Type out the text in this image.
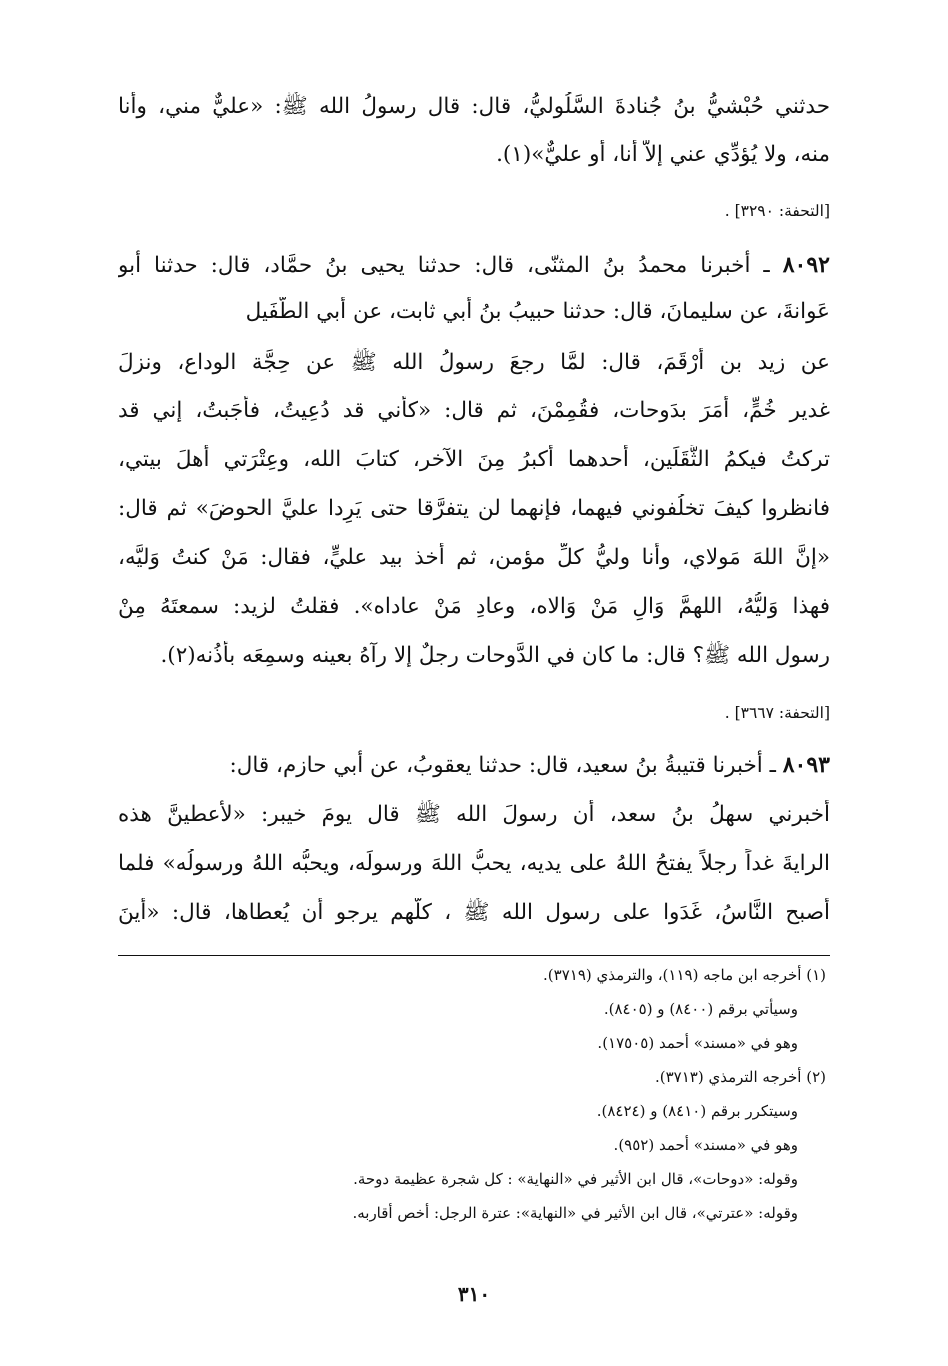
حدثني حُبْشيُّ بنُ جُنادةَ السَّلُوليُّ، قال: قال رسولُ الله ﷺ: «عليٌّ مني، وأنا
منه، ولا يُؤدِّي عني إلاَّ أنا، أو عليٌّ»(١).
[التحفة: ٣٢٩٠] .
٨٠٩٢ ـ أخبرنا محمدُ بنُ المثنّى، قال: حدثنا يحيى بنُ حمَّاد، قال: حدثنا أبو
عَوانةَ، عن سليمانَ، قال: حدثنا حبيبُ بنُ أبي ثابت، عن أبي الطُّفَيل
عن زيد بن أرْقَمَ، قال: لمَّا رجعَ رسولُ الله ﷺ عن حِجَّة الوداع، ونزلَ
غدير خُمٍّ، أمَرَ بدَوحات، فقُمِمْنَ، ثم قال: «كأني قد دُعِيتُ، فأجَبتُ، إني قد
تركتُ فيكمُ الثَّقَلَين، أحدهما أكبرُ مِنَ الآخر، كتابَ الله، وعِتْرَتي أهلَ بيتي،
فانظروا كيفَ تخلُفوني فيهما، فإنهما لن يتفرَّقا حتى يَرِدا عليَّ الحوضَ» ثم قال:
«إنَّ اللهَ مَولاي، وأنا وليُّ كلِّ مؤمن، ثم أخذ بيد عليٍّ، فقال: مَنْ كنتُ وَليَّه،
فهذا وَليُّهُ، اللهمَّ وَالِ مَنْ وَالاه، وعادِ مَنْ عاداه». فقلتُ لزيد: سمعتَهُ مِنْ
رسول الله ﷺ؟ قال: ما كان في الدَّوحات رجلٌ إلا رآهُ بعينه وسمِعَه بأُذُنه(٢).
[التحفة: ٣٦٦٧] .
٨٠٩٣ ـ أخبرنا قتيبةُ بنُ سعيد، قال: حدثنا يعقوبُ، عن أبي حازم، قال:
أخبرني سهلُ بنُ سعد، أن رسولَ الله ﷺ قال يومَ خيبر: «لأُعطينَّ هذه
الرايةَ غداً رجلاً يفتحُ اللهُ على يديه، يحبُّ اللهَ ورسولَه، ويحبُّه اللهُ ورسولُه» فلما
أصبح النَّاسُ، غَدَوا على رسول الله ﷺ ، كلُّهم يرجو أن يُعطاها، قال: «أينَ
(١) أخرجه ابن ماجه (١١٩)، والترمذي (٣٧١٩).
وسيأتي برقم (٨٤٠٠) و (٨٤٠٥).
وهو في «مسند» أحمد (١٧٥٠٥).
(٢) أخرجه الترمذي (٣٧١٣).
وسيتكرر برقم (٨٤١٠) و (٨٤٢٤).
وهو في «مسند» أحمد (٩٥٢).
وقوله: «دوحات»، قال ابن الأثير في «النهاية» : كل شجرة عظيمة دوحة.
وقوله: «عترتي»، قال ابن الأثير في «النهاية»: عترة الرجل: أخص أقاربه.
٣١٠
